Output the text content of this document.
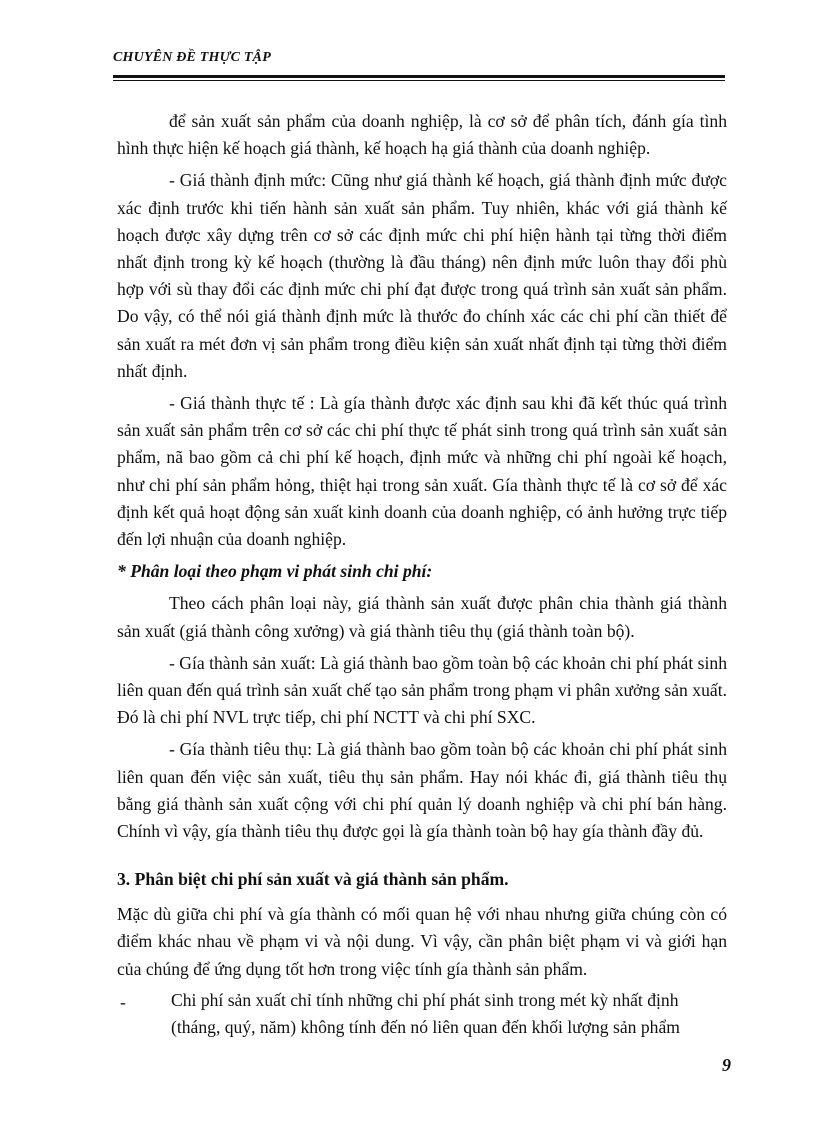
CHUYÊN ĐỀ THỰC TẬP

để sản xuất sản phẩm của doanh nghiệp, là cơ sở để phân tích, đánh gía tình hình thực hiện kế hoạch giá thành, kế hoạch hạ giá thành của doanh nghiệp.

- Giá thành định mức: Cũng như giá thành kế hoạch, giá thành định mức được xác định trước khi tiến hành sản xuất sản phẩm. Tuy nhiên, khác với giá thành kế hoạch được xây dựng trên cơ sở các định mức chi phí hiện hành tại từng thời điểm nhất định trong kỳ kế hoạch (thường là đầu tháng) nên định mức luôn thay đổi phù hợp với sù thay đổi các định mức chi phí đạt được trong quá trình sản xuất sản phẩm. Do vậy, có thể nói giá thành định mức là thước đo chính xác các chi phí cần thiết để sản xuất ra mét đơn vị sản phẩm trong điều kiện sản xuất nhất định tại từng thời điểm nhất định.

- Giá thành thực tế : Là gía thành được xác định sau khi đã kết thúc quá trình sản xuất sản phẩm trên cơ sở các chi phí thực tế phát sinh trong quá trình sản xuất sản phẩm, nã bao gồm cả chi phí kế hoạch, định mức và những chi phí ngoài kế hoạch, như chi phí sản phẩm hỏng, thiệt hại trong sản xuất. Gía thành thực tế là cơ sở để xác định kết quả hoạt động sản xuất kinh doanh của doanh nghiệp, có ảnh hưởng trực tiếp đến lợi nhuận của doanh nghiệp.

* Phân loại theo phạm vi phát sinh chi phí:

Theo cách phân loại này, giá thành sản xuất được phân chia thành giá thành sản xuất (giá thành công xưởng) và giá thành tiêu thụ (giá thành toàn bộ).

- Gía thành sản xuất: Là giá thành bao gồm toàn bộ các khoản chi phí phát sinh liên quan đến quá trình sản xuất chế tạo sản phẩm trong phạm vi phân xưởng sản xuất. Đó là chi phí NVL trực tiếp, chi phí NCTT và chi phí SXC.

- Gía thành tiêu thụ: Là giá thành bao gồm toàn bộ các khoản chi phí phát sinh liên quan đến việc sản xuất, tiêu thụ sản phẩm. Hay nói khác đi, giá thành tiêu thụ bằng giá thành sản xuất cộng với chi phí quản lý doanh nghiệp và chi phí bán hàng. Chính vì vậy, gía thành tiêu thụ được gọi là gía thành toàn bộ hay gía thành đầy đủ.

3. Phân biệt chi phí sản xuất và giá thành sản phẩm.

Mặc dù giữa chi phí và gía thành có mối quan hệ với nhau nhưng giữa chúng còn có điểm khác nhau về phạm vi và nội dung. Vì vậy, cần phân biệt phạm vi và giới hạn của chúng để ứng dụng tốt hơn trong việc tính gía thành sản phẩm.

-	Chi phí sản xuất chỉ tính những chi phí phát sinh trong mét kỳ nhất định (tháng, quý, năm) không tính đến nó liên quan đến khối lượng sản phẩm
9
